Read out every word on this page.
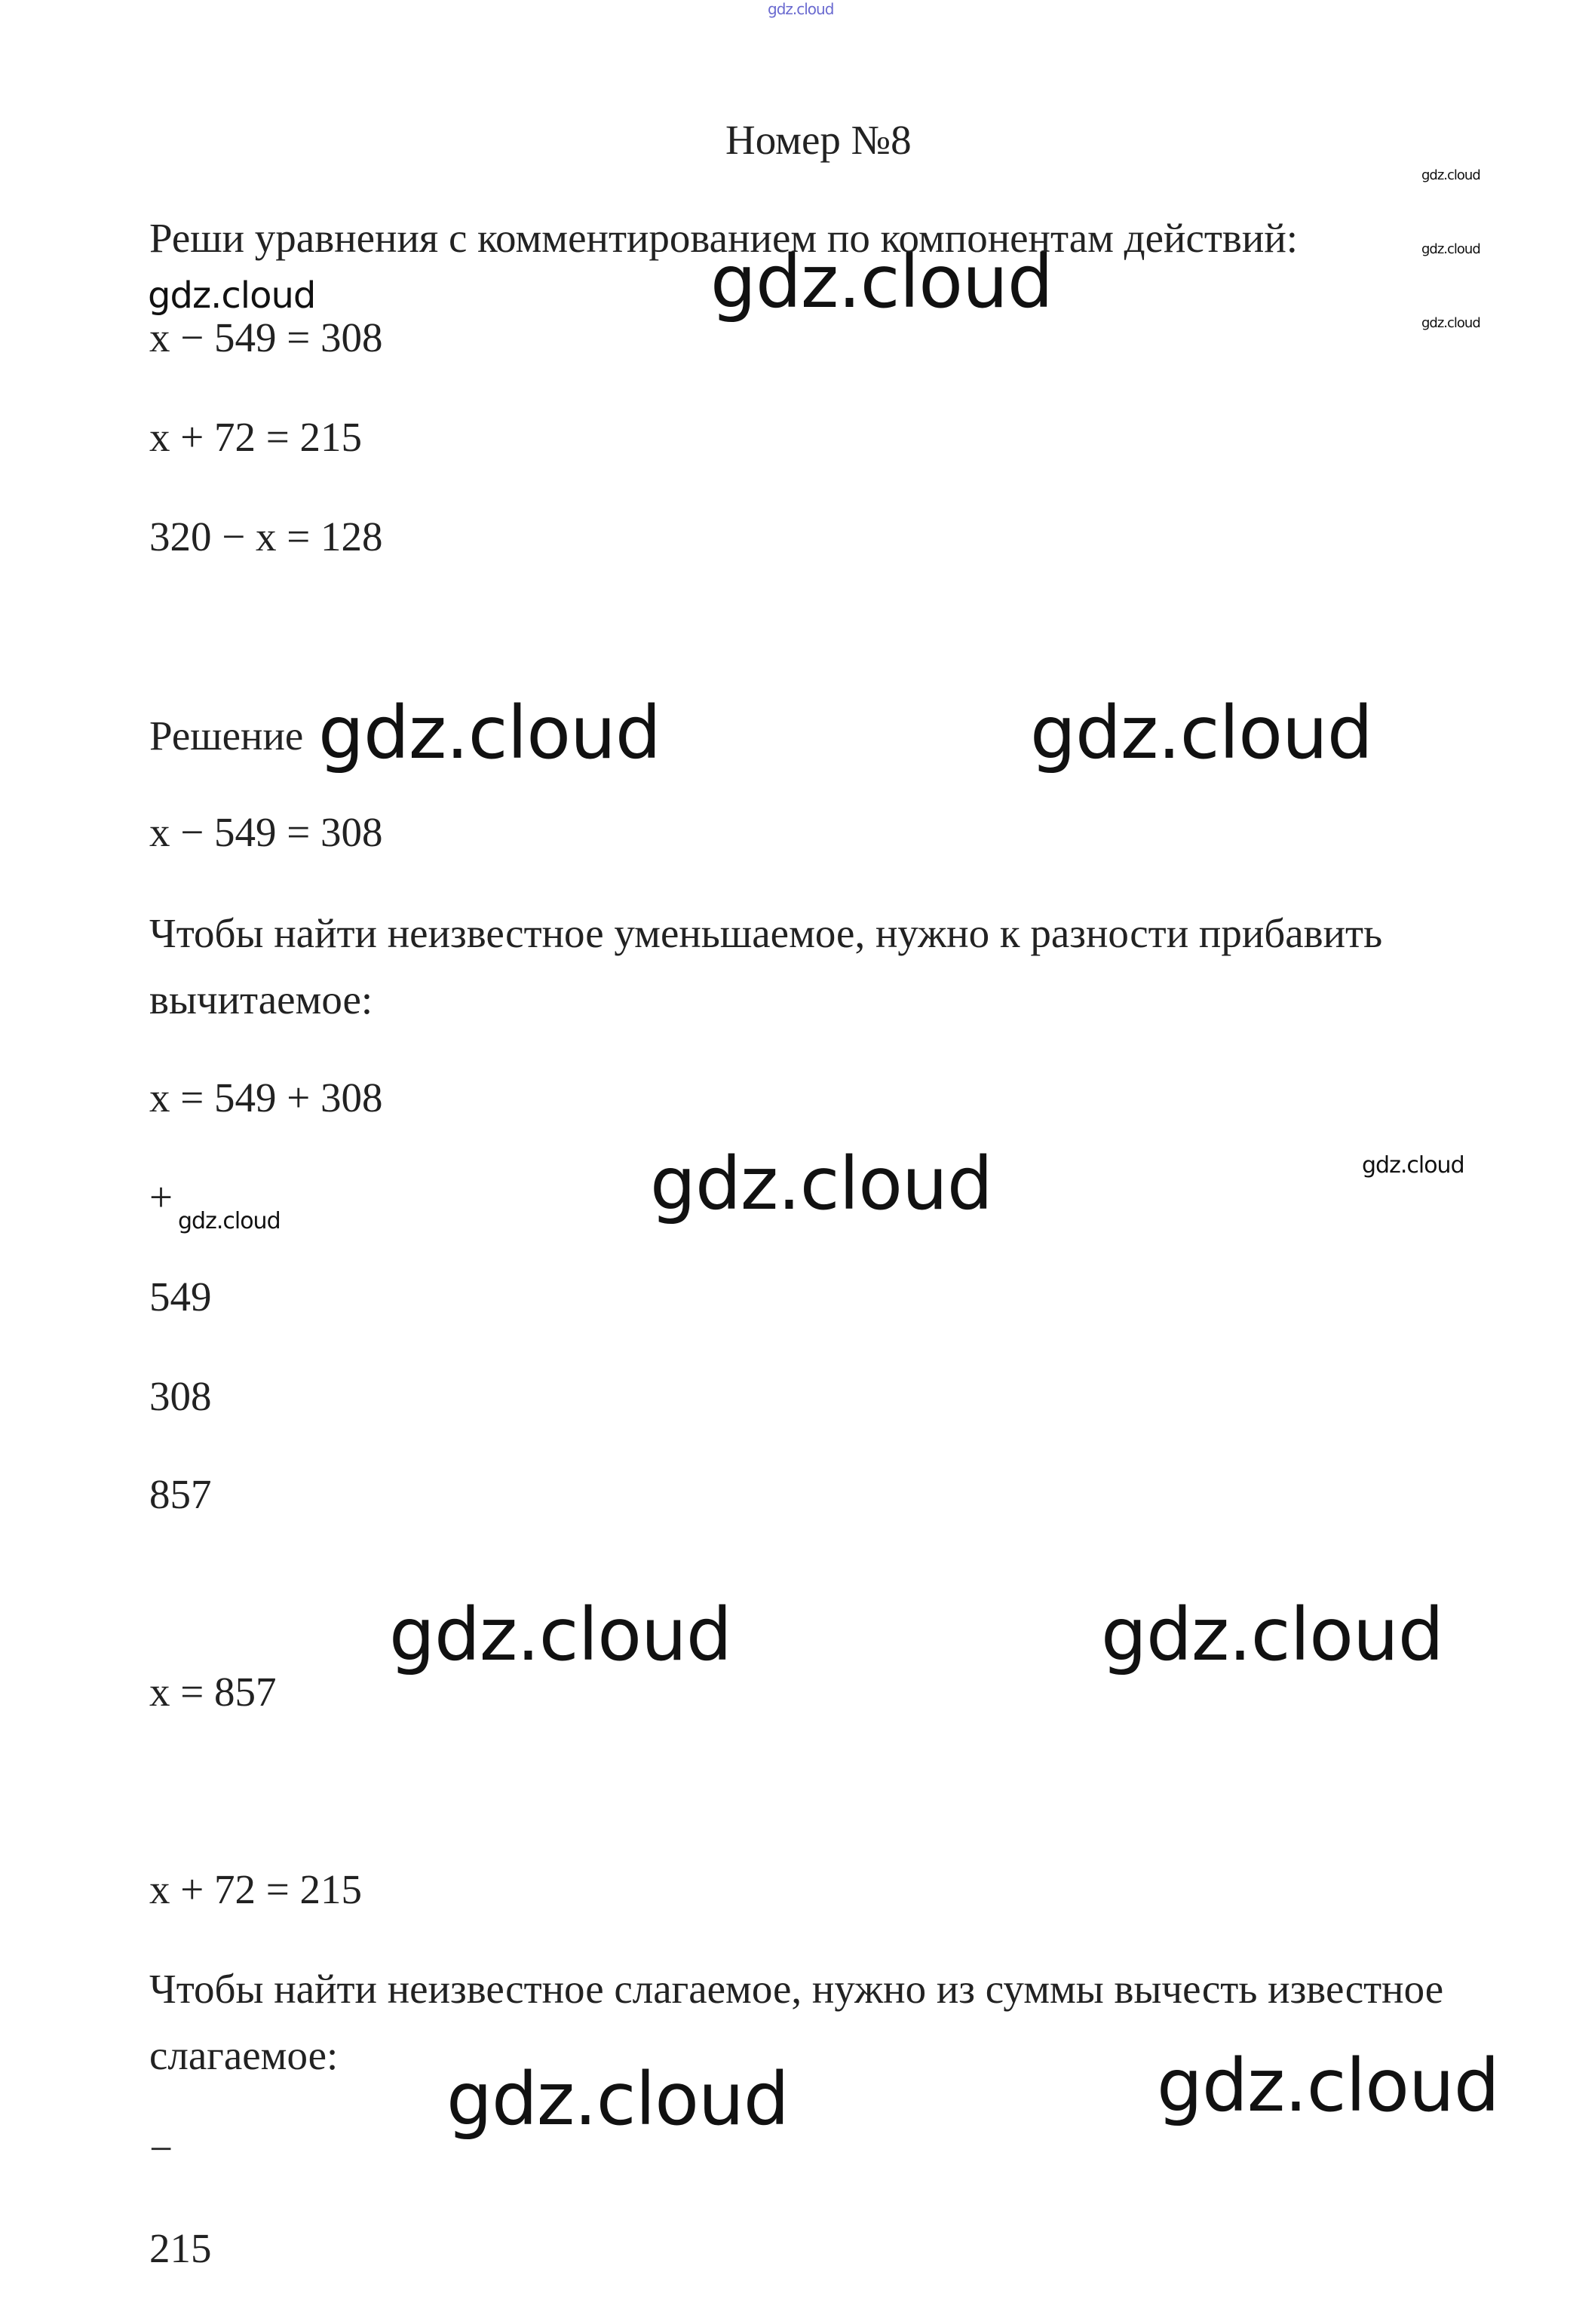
gdz.cloud
gdz.cloud
gdz.cloud
gdz.cloud
gdz.cloud	gdz.cloud
gdz.cloud	gdz.cloud
gdz.cloud	gdz.cloud
gdz.cloud
gdz.cloud	gdz.cloud
gdz.cloud
gdz.cloud
Номер №8
Реши уравнения с комментированием по компонентам действий:
x − 549 = 308
x + 72 = 215
320 − x = 128
Решение
x − 549 = 308
Чтобы найти неизвестное уменьшаемое, нужно к разности прибавить вычитаемое:
x = 549 + 308
+
549
308
857
x = 857
x + 72 = 215
Чтобы найти неизвестное слагаемое, нужно из суммы вычесть известное слагаемое:
−
215
